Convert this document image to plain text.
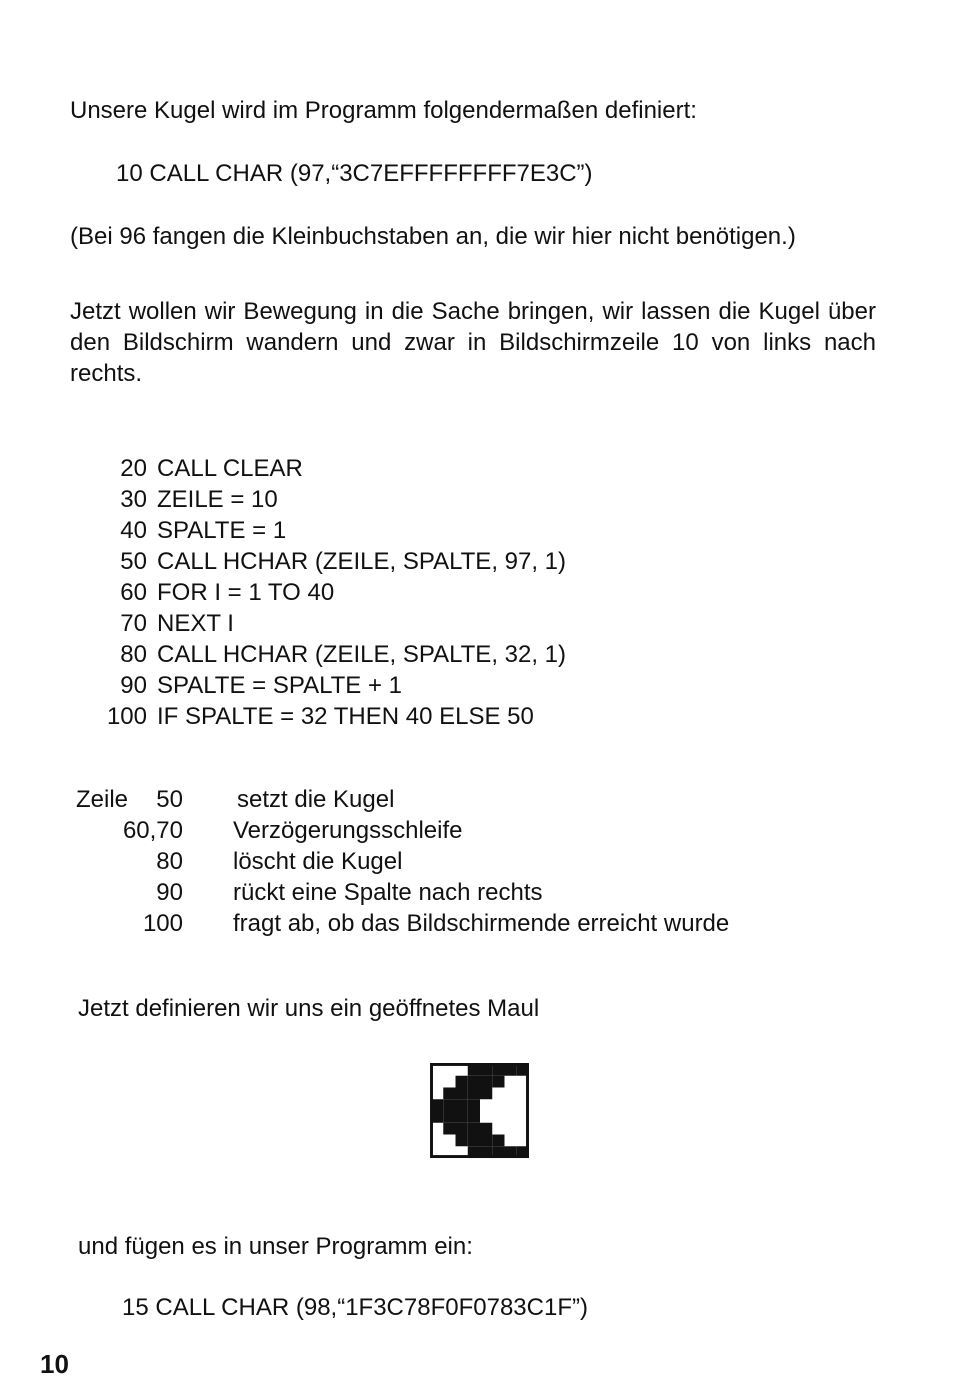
Unsere Kugel wird im Programm folgendermaßen definiert:

10 CALL CHAR (97,“3C7EFFFFFFFF7E3C”)

(Bei 96 fangen die Kleinbuchstaben an, die wir hier nicht benötigen.)

Jetzt wollen wir Bewegung in die Sache bringen, wir lassen die Kugel über den Bildschirm wandern und zwar in Bildschirmzeile 10 von links nach rechts.

20 CALL CLEAR
30 ZEILE = 10
40 SPALTE = 1
50 CALL HCHAR (ZEILE, SPALTE, 97, 1)
60 FOR I = 1 TO 40
70 NEXT I
80 CALL HCHAR (ZEILE, SPALTE, 32, 1)
90 SPALTE = SPALTE + 1
100 IF SPALTE = 32 THEN 40 ELSE 50
Zeile 50 setzt die Kugel
60,70 Verzögerungsschleife
80 löscht die Kugel
90 rückt eine Spalte nach rechts
100 fragt ab, ob das Bildschirmende erreicht wurde

Jetzt definieren wir uns ein geöffnetes Maul

und fügen es in unser Programm ein:

15 CALL CHAR (98,“1F3C78F0F0783C1F”)

10
